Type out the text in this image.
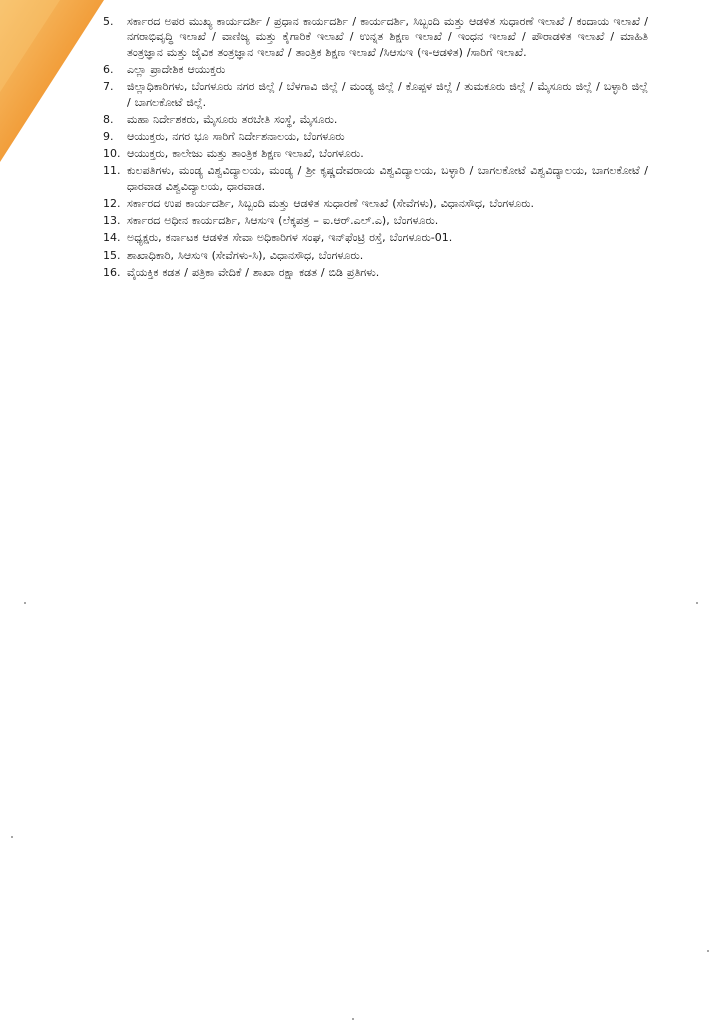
5.	ಸರ್ಕಾರದ ಅಪರ ಮುಖ್ಯ ಕಾರ್ಯದರ್ಶಿ / ಪ್ರಧಾನ ಕಾರ್ಯದರ್ಶಿ / ಕಾರ್ಯದರ್ಶಿ, ಸಿಬ್ಬಂದಿ ಮತ್ತು ಆಡಳಿತ ಸುಧಾರಣೆ ಇಲಾಖೆ / ಕಂದಾಯ ಇಲಾಖೆ / ನಗರಾಭಿವೃದ್ಧಿ ಇಲಾಖೆ / ವಾಣಿಜ್ಯ ಮತ್ತು ಕೈಗಾರಿಕೆ ಇಲಾಖೆ / ಉನ್ನತ ಶಿಕ್ಷಣ ಇಲಾಖೆ / ಇಂಧನ ಇಲಾಖೆ / ಪೌರಾಡಳಿತ ಇಲಾಖೆ / ಮಾಹಿತಿ ತಂತ್ರಜ್ಞಾನ ಮತ್ತು ಜೈವಿಕ ತಂತ್ರಜ್ಞಾನ ಇಲಾಖೆ / ತಾಂತ್ರಿಕ ಶಿಕ್ಷಣ ಇಲಾಖೆ /ಸಿಆಸುಇ (ಇ-ಆಡಳಿತ) /ಸಾರಿಗೆ ಇಲಾಖೆ.
6.	ಎಲ್ಲಾ ಪ್ರಾದೇಶಿಕ ಆಯುಕ್ತರು
7.	ಜಿಲ್ಲಾಧಿಕಾರಿಗಳು, ಬೆಂಗಳೂರು ನಗರ ಜಿಲ್ಲೆ / ಬೆಳಗಾವಿ ಜಿಲ್ಲೆ / ಮಂಡ್ಯ ಜಿಲ್ಲೆ / ಕೊಪ್ಪಳ ಜಿಲ್ಲೆ / ತುಮಕೂರು ಜಿಲ್ಲೆ / ಮೈಸೂರು ಜಿಲ್ಲೆ / ಬಳ್ಳಾರಿ ಜಿಲ್ಲೆ / ಬಾಗಲಕೋಟೆ ಜಿಲ್ಲೆ.
8.	ಮಹಾ ನಿರ್ದೇಶಕರು, ಮೈಸೂರು ತರಬೇತಿ ಸಂಸ್ಥೆ, ಮೈಸೂರು.
9.	ಆಯುಕ್ತರು, ನಗರ ಭೂ ಸಾರಿಗೆ ನಿರ್ದೇಶನಾಲಯ, ಬೆಂಗಳೂರು
10. ಆಯುಕ್ತರು, ಕಾಲೇಜು ಮತ್ತು ತಾಂತ್ರಿಕ ಶಿಕ್ಷಣ ಇಲಾಖೆ, ಬೆಂಗಳೂರು.
11. ಕುಲಪತಿಗಳು, ಮಂಡ್ಯ ವಿಶ್ವವಿದ್ಯಾಲಯ, ಮಂಡ್ಯ / ಶ್ರೀ ಕೃಷ್ಣದೇವರಾಯ ವಿಶ್ವವಿದ್ಯಾಲಯ, ಬಳ್ಳಾರಿ / ಬಾಗಲಕೋಟೆ ವಿಶ್ವವಿದ್ಯಾಲಯ, ಬಾಗಲಕೋಟೆ / ಧಾರವಾಡ ವಿಶ್ವವಿದ್ಯಾಲಯ, ಧಾರವಾಡ.
12. ಸರ್ಕಾರದ ಉಪ ಕಾರ್ಯದರ್ಶಿ, ಸಿಬ್ಬಂದಿ ಮತ್ತು ಆಡಳಿತ ಸುಧಾರಣೆ ಇಲಾಖೆ (ಸೇವೆಗಳು), ವಿಧಾನಸೌಧ, ಬೆಂಗಳೂರು.
13. ಸರ್ಕಾರದ ಅಧೀನ ಕಾರ್ಯದರ್ಶಿ, ಸಿಆಸುಇ (ಲೆಕ್ಕಪತ್ರ – ಐ.ಆರ್.ಎಲ್.ಎ), ಬೆಂಗಳೂರು.
14. ಅಧ್ಯಕ್ಷರು, ಕರ್ನಾಟಕ ಆಡಳಿತ ಸೇವಾ ಅಧಿಕಾರಿಗಳ ಸಂಘ, ಇನ್‌ಫೆಂಟ್ರಿ ರಸ್ತೆ, ಬೆಂಗಳೂರು-01.
15. ಶಾಖಾಧಿಕಾರಿ, ಸಿಆಸುಇ (ಸೇವೆಗಳು-ಸಿ), ವಿಧಾನಸೌಧ, ಬೆಂಗಳೂರು.
16. ವೈಯಕ್ತಿಕ ಕಡತ / ಪತ್ರಿಕಾ ವೇದಿಕೆ / ಶಾಖಾ ರಕ್ಷಾ ಕಡತ / ಬಿಡಿ ಪ್ರತಿಗಳು.
